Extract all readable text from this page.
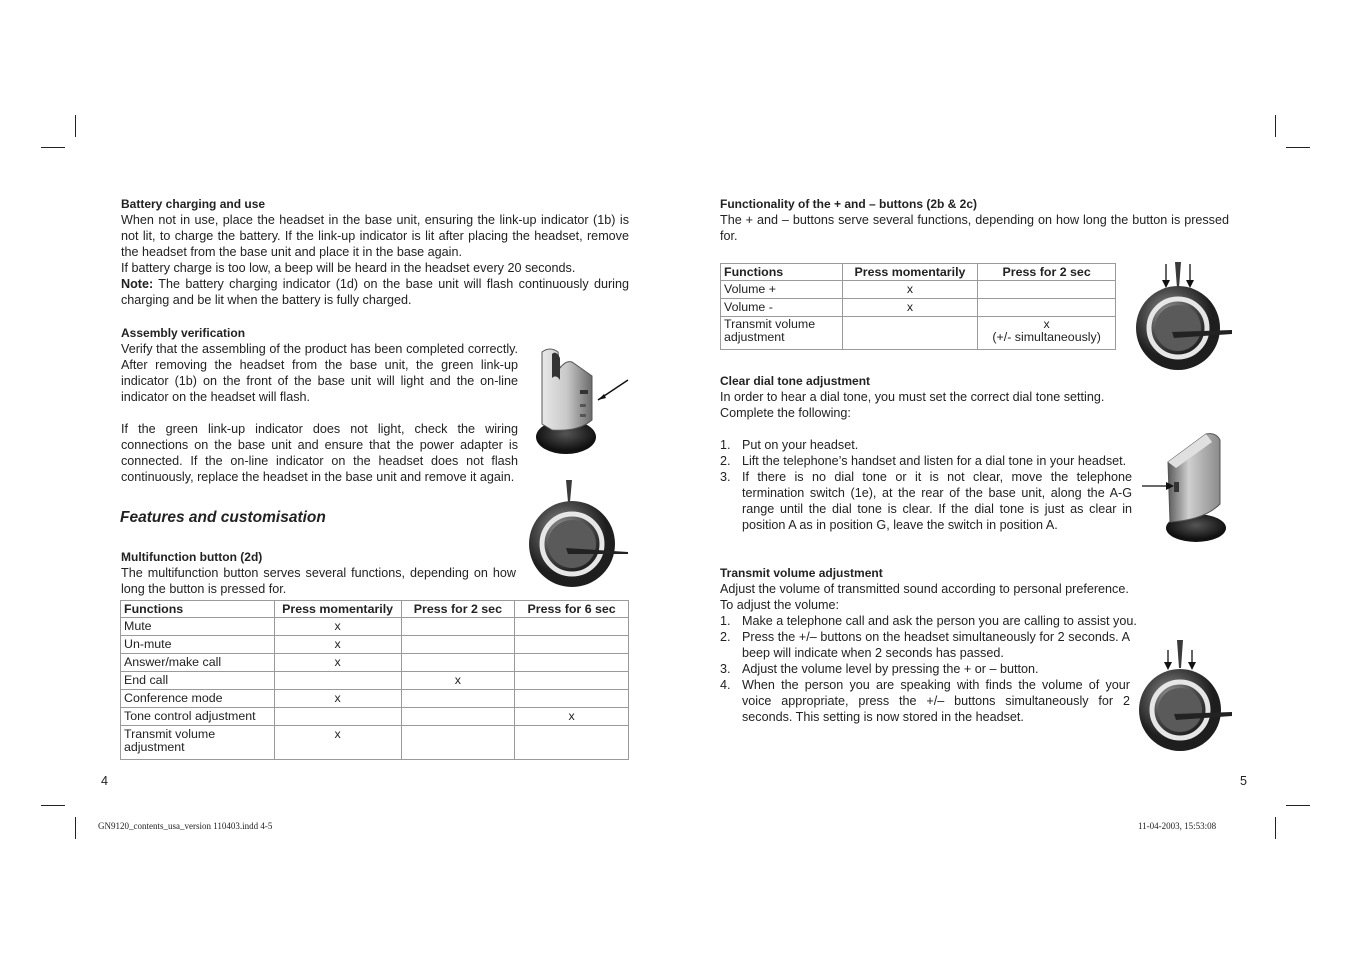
Battery charging and use
When not in use, place the headset in the base unit, ensuring the link-up indicator (1b) is not lit, to charge the battery. If the link-up indicator is lit after placing the headset, remove the headset from the base unit and place it in the base again.
If battery charge is too low, a beep will be heard in the headset every 20 seconds.
Note: The battery charging indicator (1d) on the base unit will flash continuously during charging and be lit when the battery is fully charged.
Assembly verification
Verify that the assembling of the product has been completed correctly. After removing the headset from the base unit, the green link-up indicator (1b) on the front of the base unit will light and the on-line indicator on the headset will flash.
If the green link-up indicator does not light, check the wiring connections on the base unit and ensure that the power adapter is connected. If the on-line indicator on the headset does not flash continuously, replace the headset in the base unit and remove it again.
Features and customisation
Multifunction button (2d)
The multifunction button serves several functions, depending on how long the button is pressed for.
Functions	Press momentarily	Press for 2 sec	Press for 6 sec
Mute	x		
Un-mute	x		
Answer/make call	x		
End call		x	
Conference mode	x		
Tone control adjustment			x
Transmit volume
adjustment	x		
4
Functionality of the + and – buttons (2b & 2c)
The + and – buttons serve several functions, depending on how long the button is pressed for.
Functions	Press momentarily	Press for 2 sec
Volume +	x	
Volume -	x	
Transmit volume
adjustment		x
(+/- simultaneously)
Clear dial tone adjustment
In order to hear a dial tone, you must set the correct dial tone setting. Complete the following:
1. Put on your headset.
2. Lift the telephone’s handset and listen for a dial tone in your headset.
3. If there is no dial tone or it is not clear, move the telephone termination switch (1e), at the rear of the base unit, along the A-G range until the dial tone is clear. If the dial tone is just as clear in position A as in position G, leave the switch in position A.
Transmit volume adjustment
Adjust the volume of transmitted sound according to personal preference.
To adjust the volume:
1. Make a telephone call and ask the person you are calling to assist you.
2. Press the +/– buttons on the headset simultaneously for 2 seconds. A beep will indicate when 2 seconds has passed.
3. Adjust the volume level by pressing the + or – button.
4. When the person you are speaking with finds the volume of your voice appropriate, press the +/– buttons simultaneously for 2 seconds. This setting is now stored in the headset.
5
GN9120_contents_usa_version 110403.indd 4-5	11-04-2003, 15:53:08
